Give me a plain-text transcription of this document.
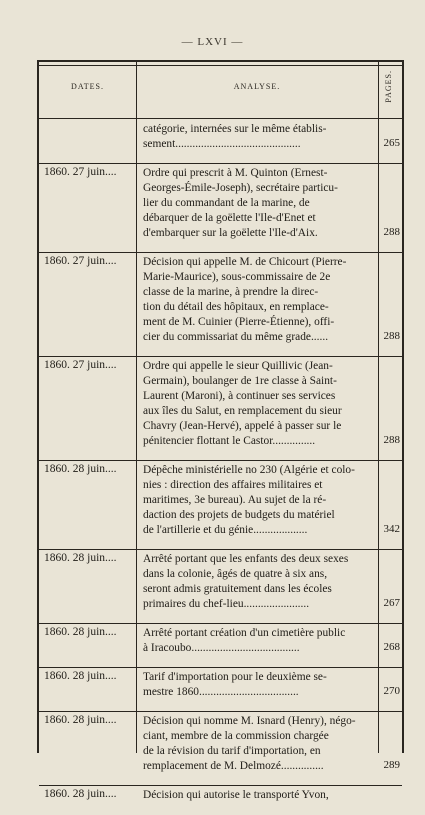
— LXVI —
DATES.	ANALYSE.	PAGES.

catégorie, internées sur le même établis-

sement............................................	265
1860. 27 juin....	Ordre qui prescrit à M. Quinton (Ernest-

Georges-Émile-Joseph), secrétaire particu-

lier du commandant de la marine, de

débarquer de la goëlette l'Ile-d'Enet et

d'embarquer sur la goëlette l'Ile-d'Aix.	288
1860. 27 juin....	Décision qui appelle M. de Chicourt (Pierre-

Marie-Maurice), sous-commissaire de 2e

classe de la marine, à prendre la direc-

tion du détail des hôpitaux, en remplace-

ment de M. Cuinier (Pierre-Étienne), offi-

cier du commissariat du même grade......	288
1860. 27 juin....	Ordre qui appelle le sieur Quillivic (Jean-

Germain), boulanger de 1re classe à Saint-

Laurent (Maroni), à continuer ses services

aux îles du Salut, en remplacement du sieur

Chavry (Jean-Hervé), appelé à passer sur le

pénitencier flottant le Castor...............	288
1860. 28 juin....	Dépêche ministérielle no 230 (Algérie et colo-

nies : direction des affaires militaires et

maritimes, 3e bureau). Au sujet de la ré-

daction des projets de budgets du matériel

de l'artillerie et du génie...................	342
1860. 28 juin....	Arrêté portant que les enfants des deux sexes

dans la colonie, âgés de quatre à six ans,

seront admis gratuitement dans les écoles

primaires du chef-lieu.......................	267
1860. 28 juin....	Arrêté portant création d'un cimetière public

à Iracoubo......................................	268
1860. 28 juin....	Tarif d'importation pour le deuxième se-

mestre 1860...................................	270
1860. 28 juin....	Décision qui nomme M. Isnard (Henry), négo-

ciant, membre de la commission chargée

de la révision du tarif d'importation, en

remplacement de M. Delmozé...............	289
1860. 28 juin....	Décision qui autorise le transporté Yvon,
